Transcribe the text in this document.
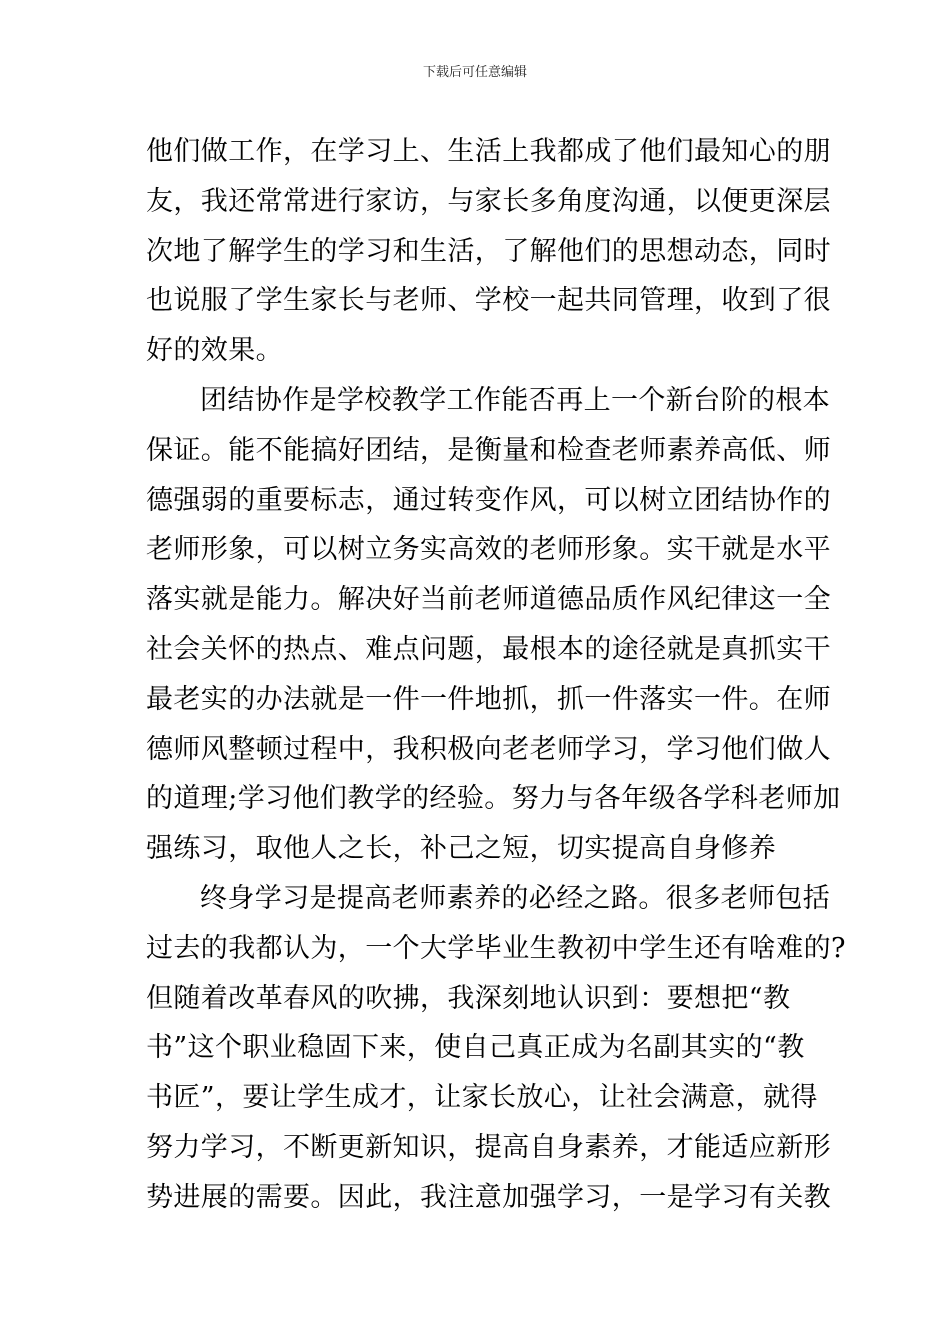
下载后可任意编辑
他们做工作，在学习上、生活上我都成了他们最知心的朋
友，我还常常进行家访，与家长多角度沟通，以便更深层
次地了解学生的学习和生活，了解他们的思想动态，同时
也说服了学生家长与老师、学校一起共同管理，收到了很
好的效果。
团结协作是学校教学工作能否再上一个新台阶的根本
保证。能不能搞好团结，是衡量和检查老师素养高低、师
德强弱的重要标志，通过转变作风，可以树立团结协作的
老师形象，可以树立务实高效的老师形象。实干就是水平
落实就是能力。解决好当前老师道德品质作风纪律这一全
社会关怀的热点、难点问题，最根本的途径就是真抓实干
最老实的办法就是一件一件地抓，抓一件落实一件。在师
德师风整顿过程中，我积极向老老师学习，学习他们做人
的道理;学习他们教学的经验。努力与各年级各学科老师加
强练习，取他人之长，补己之短，切实提高自身修养
终身学习是提高老师素养的必经之路。很多老师包括
过去的我都认为，一个大学毕业生教初中学生还有啥难的?
但随着改革春风的吹拂，我深刻地认识到：要想把“教
书”这个职业稳固下来，使自己真正成为名副其实的“教
书匠”，要让学生成才，让家长放心，让社会满意，就得
努力学习，不断更新知识，提高自身素养，才能适应新形
势进展的需要。因此，我注意加强学习，一是学习有关教
